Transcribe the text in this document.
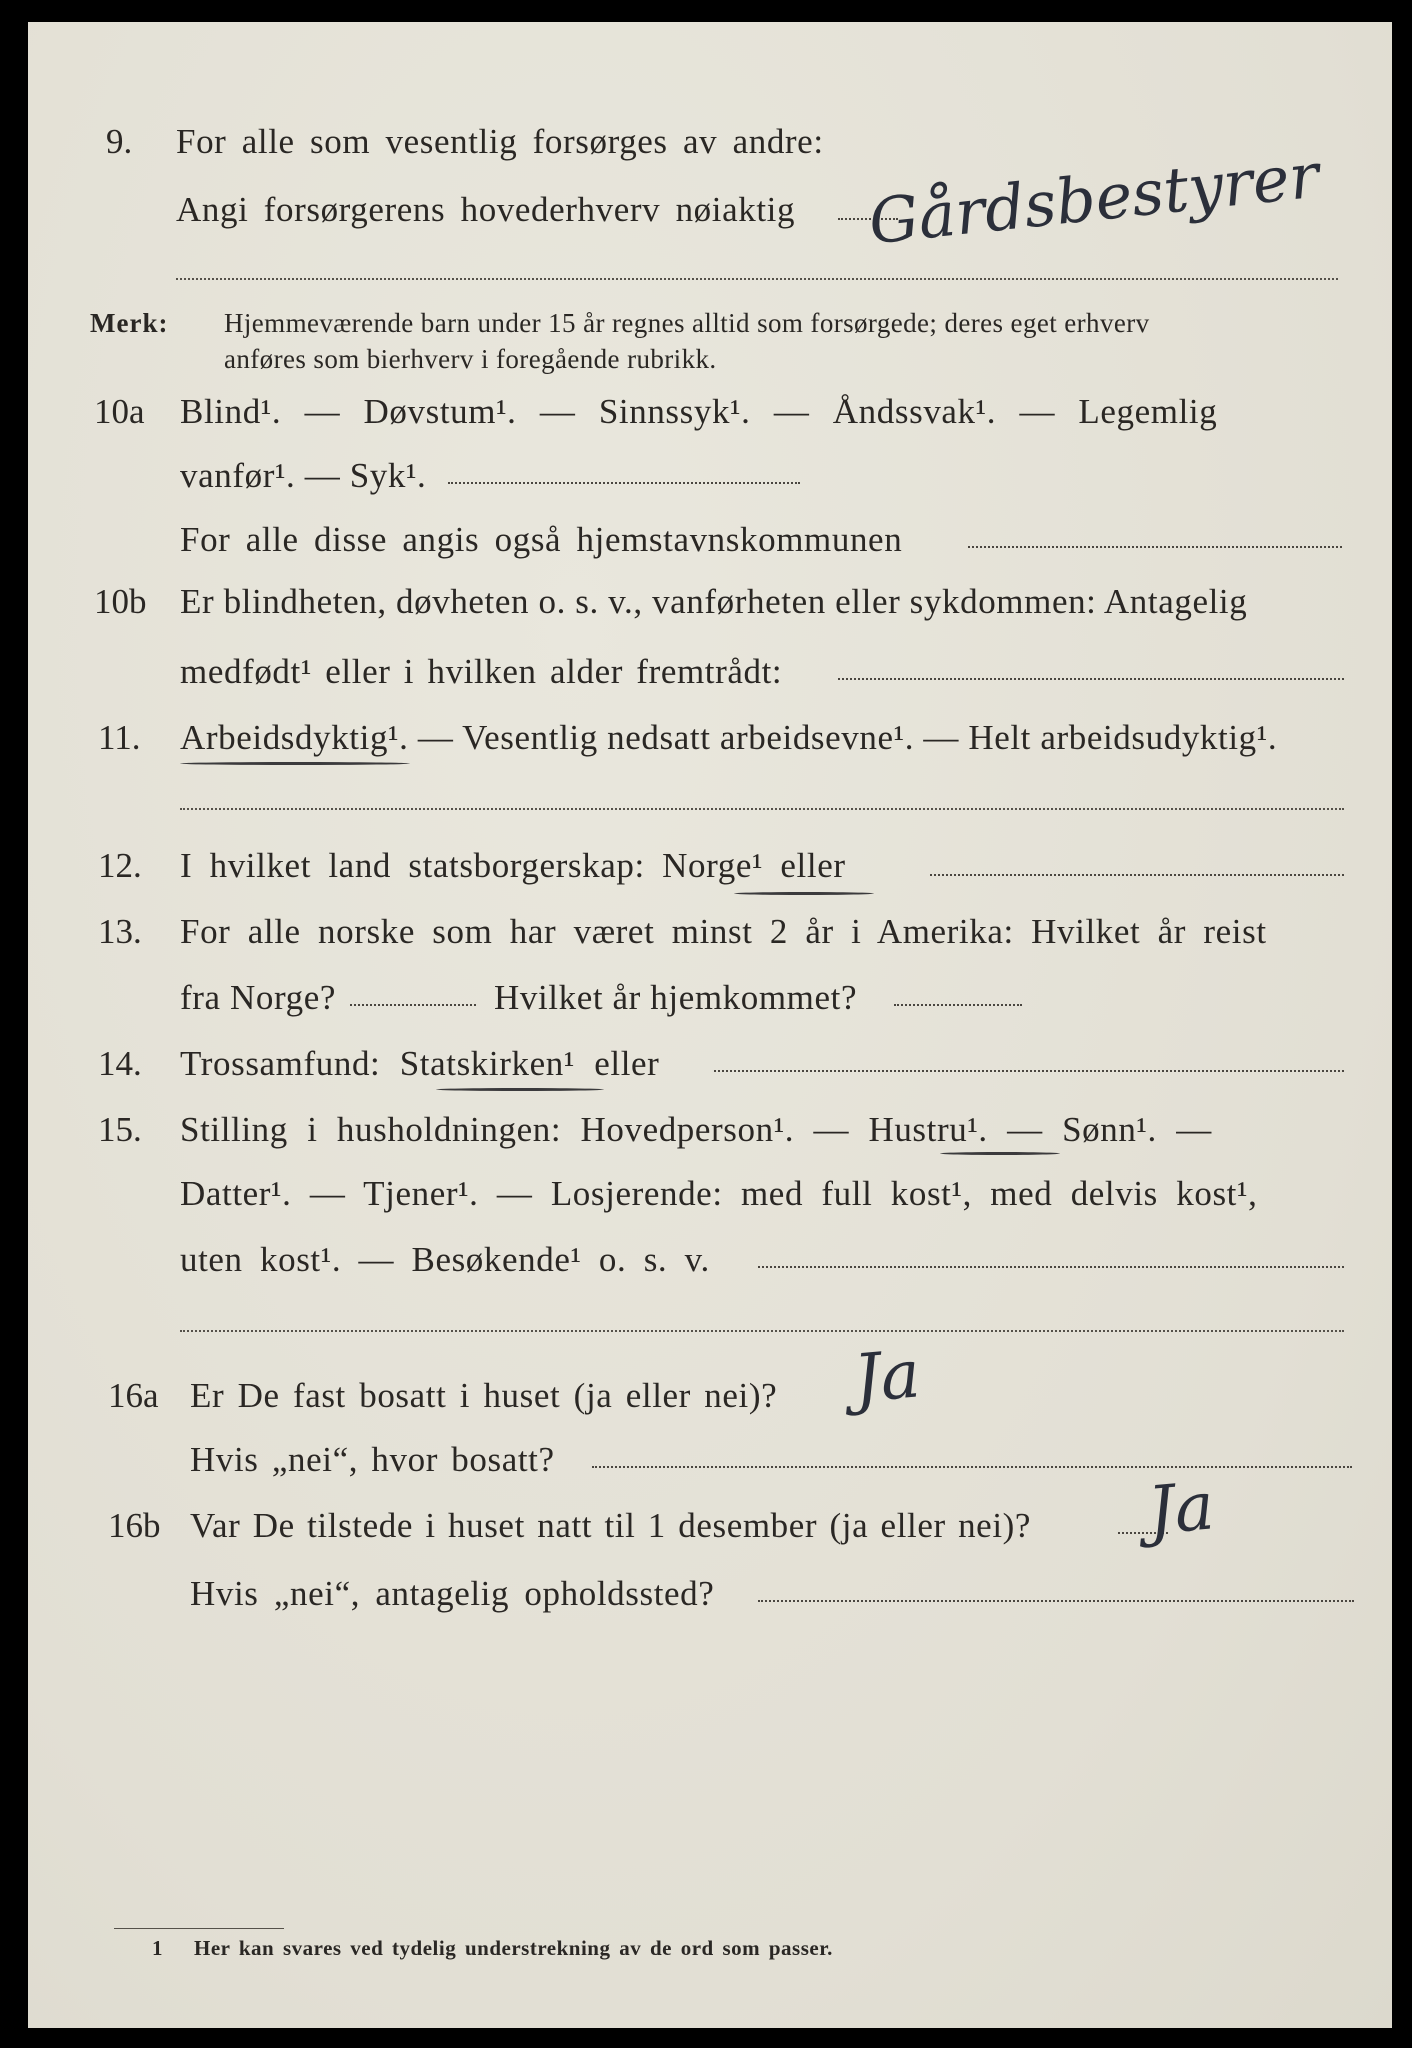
9. For alle som vesentlig forsørges av andre:
Angi forsørgerens hovederhverv nøiaktig Gårdsbestyrer
Merk: Hjemmeværende barn under 15 år regnes alltid som forsørgede; deres eget erhverv
anføres som bierhverv i foregående rubrikk.
10a Blind¹. — Døvstum¹. — Sinnssyk¹. — Åndssvak¹. — Legemlig
vanfør¹. — Syk¹.
For alle disse angis også hjemstavnskommunen
10b Er blindheten, døvheten o. s. v., vanførheten eller sykdommen: Antagelig
medfødt¹ eller i hvilken alder fremtrådt:
11. Arbeidsdyktig¹. — Vesentlig nedsatt arbeidsevne¹. — Helt arbeidsudyktig¹.
12. I hvilket land statsborgerskap: Norge¹ eller
13. For alle norske som har været minst 2 år i Amerika: Hvilket år reist
fra Norge?	Hvilket år hjemkommet?
14. Trossamfund: Statskirken¹ eller
15. Stilling i husholdningen: Hovedperson¹. — Hustru¹. — Sønn¹. —
Datter¹. — Tjener¹. — Losjerende: med full kost¹, med delvis kost¹,
uten kost¹. — Besøkende¹ o. s. v.
16a Er De fast bosatt i huset (ja eller nei)? Ja
Hvis „nei“, hvor bosatt?
16b Var De tilstede i huset natt til 1 desember (ja eller nei)? Ja
Hvis „nei“, antagelig opholdssted?
1 Her kan svares ved tydelig understrekning av de ord som passer.
